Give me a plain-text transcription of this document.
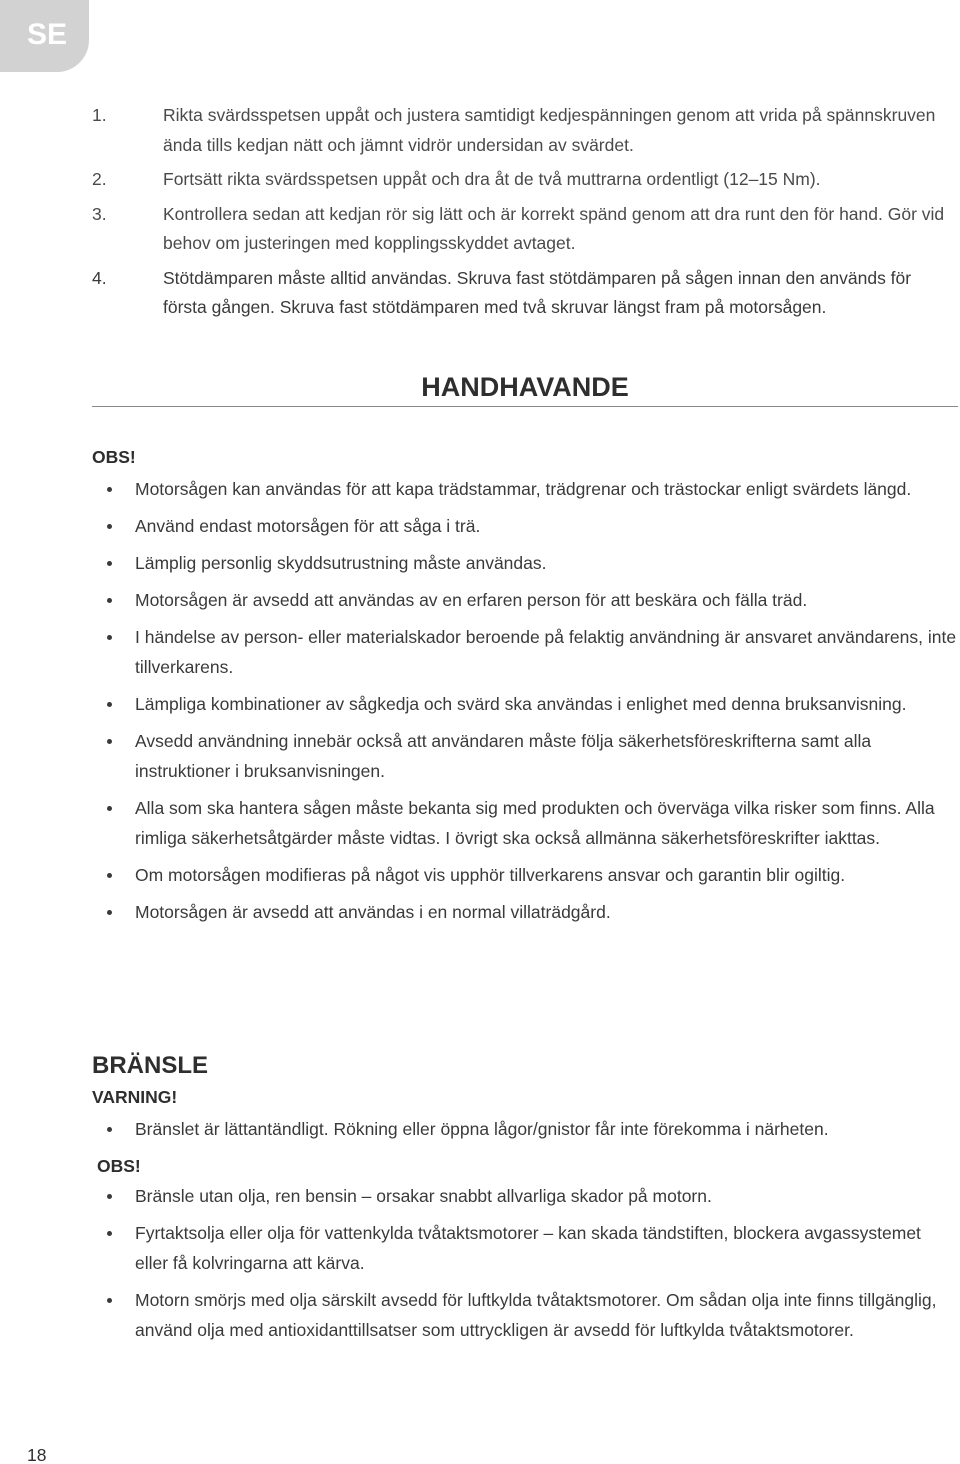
SE
1.	Rikta svärdsspetsen uppåt och justera samtidigt kedjespänningen genom att vrida på spännskruven ända tills kedjan nätt och jämnt vidrör undersidan av svärdet.
2.	Fortsätt rikta svärdsspetsen uppåt och dra åt de två muttrarna ordentligt (12–15 Nm).
3.	Kontrollera sedan att kedjan rör sig lätt och är korrekt spänd genom att dra runt den för hand. Gör vid behov om justeringen med kopplingsskyddet avtaget.
4.	Stötdämparen måste alltid användas. Skruva fast stötdämparen på sågen innan den används för första gången. Skruva fast stötdämparen med två skruvar längst fram på motorsågen.
HANDHAVANDE
OBS!
Motorsågen kan användas för att kapa trädstammar, trädgrenar och trästockar enligt svärdets längd.
Använd endast motorsågen för att såga i trä.
Lämplig personlig skyddsutrustning måste användas.
Motorsågen är avsedd att användas av en erfaren person för att beskära och fälla träd.
I händelse av person- eller materialskador beroende på felaktig användning är ansvaret användarens, inte tillverkarens.
Lämpliga kombinationer av sågkedja och svärd ska användas i enlighet med denna bruksanvisning.
Avsedd användning innebär också att användaren måste följa säkerhetsföreskrifterna samt alla instruktioner i bruksanvisningen.
Alla som ska hantera sågen måste bekanta sig med produkten och överväga vilka risker som finns. Alla rimliga säkerhetsåtgärder måste vidtas. I övrigt ska också allmänna säkerhetsföreskrifter iakttas.
Om motorsågen modifieras på något vis upphör tillverkarens ansvar och garantin blir ogiltig.
Motorsågen är avsedd att användas i en normal villaträdgård.
BRÄNSLE
VARNING!
Bränslet är lättantändligt. Rökning eller öppna lågor/gnistor får inte förekomma i närheten.
OBS!
Bränsle utan olja, ren bensin – orsakar snabbt allvarliga skador på motorn.
Fyrtaktsolja eller olja för vattenkylda tvåtaktsmotorer – kan skada tändstiften, blockera avgassystemet eller få kolvringarna att kärva.
Motorn smörjs med olja särskilt avsedd för luftkylda tvåtaktsmotorer. Om sådan olja inte finns tillgänglig, använd olja med antioxidanttillsatser som uttryckligen är avsedd för luftkylda tvåtaktsmotorer.
18
